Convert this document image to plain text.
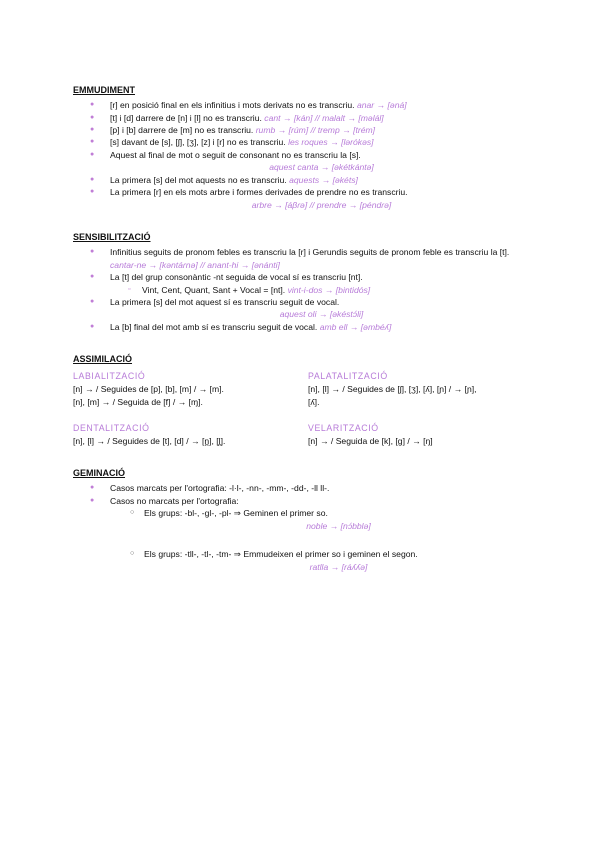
EMMUDIMENT
● [r] en posició final en els infinitius i mots derivats no es transcriu. anar → [əná]
● [t] i [d] darrere de [n] i [l] no es transcriu. cant → [kán] // malalt → [məlál]
● [p] i [b] darrere de [m] no es transcriu. rumb → [rúm] // tremp → [trém]
● [s] davant de [s], [ʃ], [ʒ], [z] i [r] no es transcriu. les roques → [lərókəs]
● Aquest al final de mot o seguit de consonant no es transcriu la [s].
aquest canta → [əkétkántə]
● La primera [s] del mot aquests no es transcriu. aquests → [əkéts]
● La primera [r] en els mots arbre i formes derivades de prendre no es transcriu.
arbre → [áβɾə] // prendre → [péndɾə]
SENSIBILITZACIÓ
● Infinitius seguits de pronom febles es transcriu la [r] i Gerundis seguits de pronom feble es transcriu la [t]. cantar-ne → [kəntáɾnə] // anant-hi → [ənánti]
● La [t] del grup consonàntic -nt seguida de vocal sí es transcriu [nt].
▫ Vint, Cent, Quant, Sant + Vocal = [nt]. vint-i-dos → [bintidós]
● La primera [s] del mot aquest sí es transcriu seguit de vocal.
aquest oli → [əkéstɔ́li]
● La [b] final del mot amb sí es transcriu seguit de vocal. amb ell → [əmbéʎ]
ASSIMILACIÓ
LABIALITZACIÓ
[n] → / Seguides de [p], [b], [m] / → [m].
[n], [m] → / Seguida de [f] / → [ɱ].
PALATALITZACIÓ
[n], [l] → / Seguides de [ʃ], [ʒ], [ʎ], [ɲ] / → [ɲ],
[ʎ].
DENTALITZACIÓ
[n], [l] → / Seguides de [t], [d] / → [n̪], [l̪].
VELARITZACIÓ
[n] → / Seguida de [k], [g] / → [ŋ]
GEMINACIÓ
● Casos marcats per l'ortografia: -l·l-, -nn-, -mm-, -dd-, -ll ll-.
● Casos no marcats per l'ortografia:
○ Els grups: -bl-, -gl-, -pl- ⇒ Geminen el primer so.
noble → [nɔ́bblə]
○ Els grups: -tll-, -tl-, -tm- ⇒ Emmudeixen el primer so i geminen el segon.
ratlla → [ráʎʎə]
